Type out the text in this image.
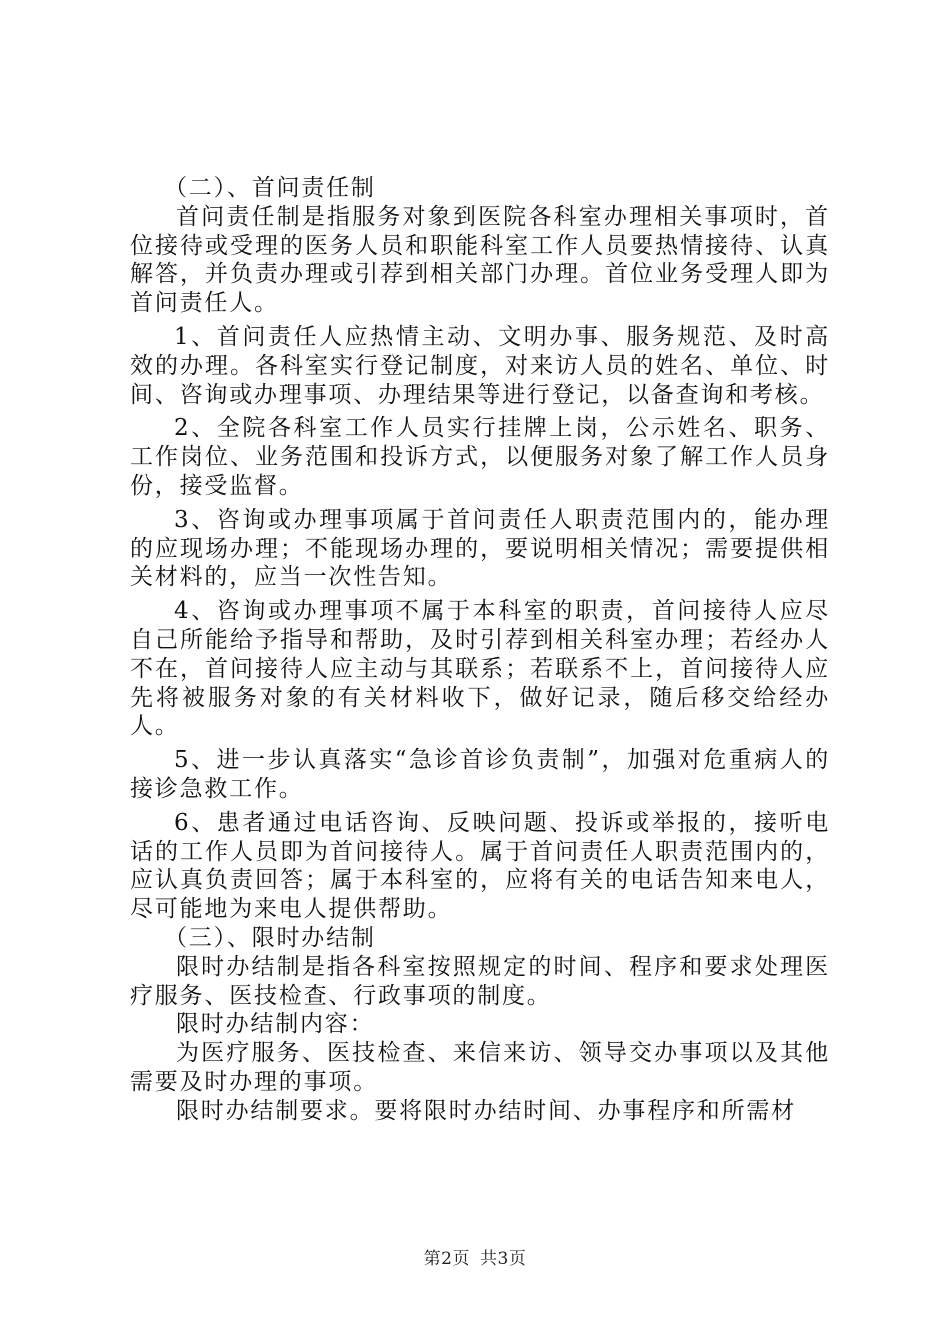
（二）、首问责任制

首问责任制是指服务对象到医院各科室办理相关事项时，首位接待或受理的医务人员和职能科室工作人员要热情接待、认真解答，并负责办理或引荐到相关部门办理。首位业务受理人即为首问责任人。

1、首问责任人应热情主动、文明办事、服务规范、及时高效的办理。各科室实行登记制度，对来访人员的姓名、单位、时间、咨询或办理事项、办理结果等进行登记，以备查询和考核。

2、全院各科室工作人员实行挂牌上岗，公示姓名、职务、工作岗位、业务范围和投诉方式，以便服务对象了解工作人员身份，接受监督。

3、咨询或办理事项属于首问责任人职责范围内的，能办理的应现场办理；不能现场办理的，要说明相关情况；需要提供相关材料的，应当一次性告知。

4、咨询或办理事项不属于本科室的职责，首问接待人应尽自己所能给予指导和帮助，及时引荐到相关科室办理；若经办人不在，首问接待人应主动与其联系；若联系不上，首问接待人应先将被服务对象的有关材料收下，做好记录，随后移交给经办人。

5、进一步认真落实“急诊首诊负责制”，加强对危重病人的接诊急救工作。

6、患者通过电话咨询、反映问题、投诉或举报的，接听电话的工作人员即为首问接待人。属于首问责任人职责范围内的，应认真负责回答；属于本科室的，应将有关的电话告知来电人，尽可能地为来电人提供帮助。

（三）、限时办结制

限时办结制是指各科室按照规定的时间、程序和要求处理医疗服务、医技检查、行政事项的制度。

限时办结制内容：

为医疗服务、医技检查、来信来访、领导交办事项以及其他需要及时办理的事项。

限时办结制要求。要将限时办结时间、办事程序和所需材

第2页 共3页
